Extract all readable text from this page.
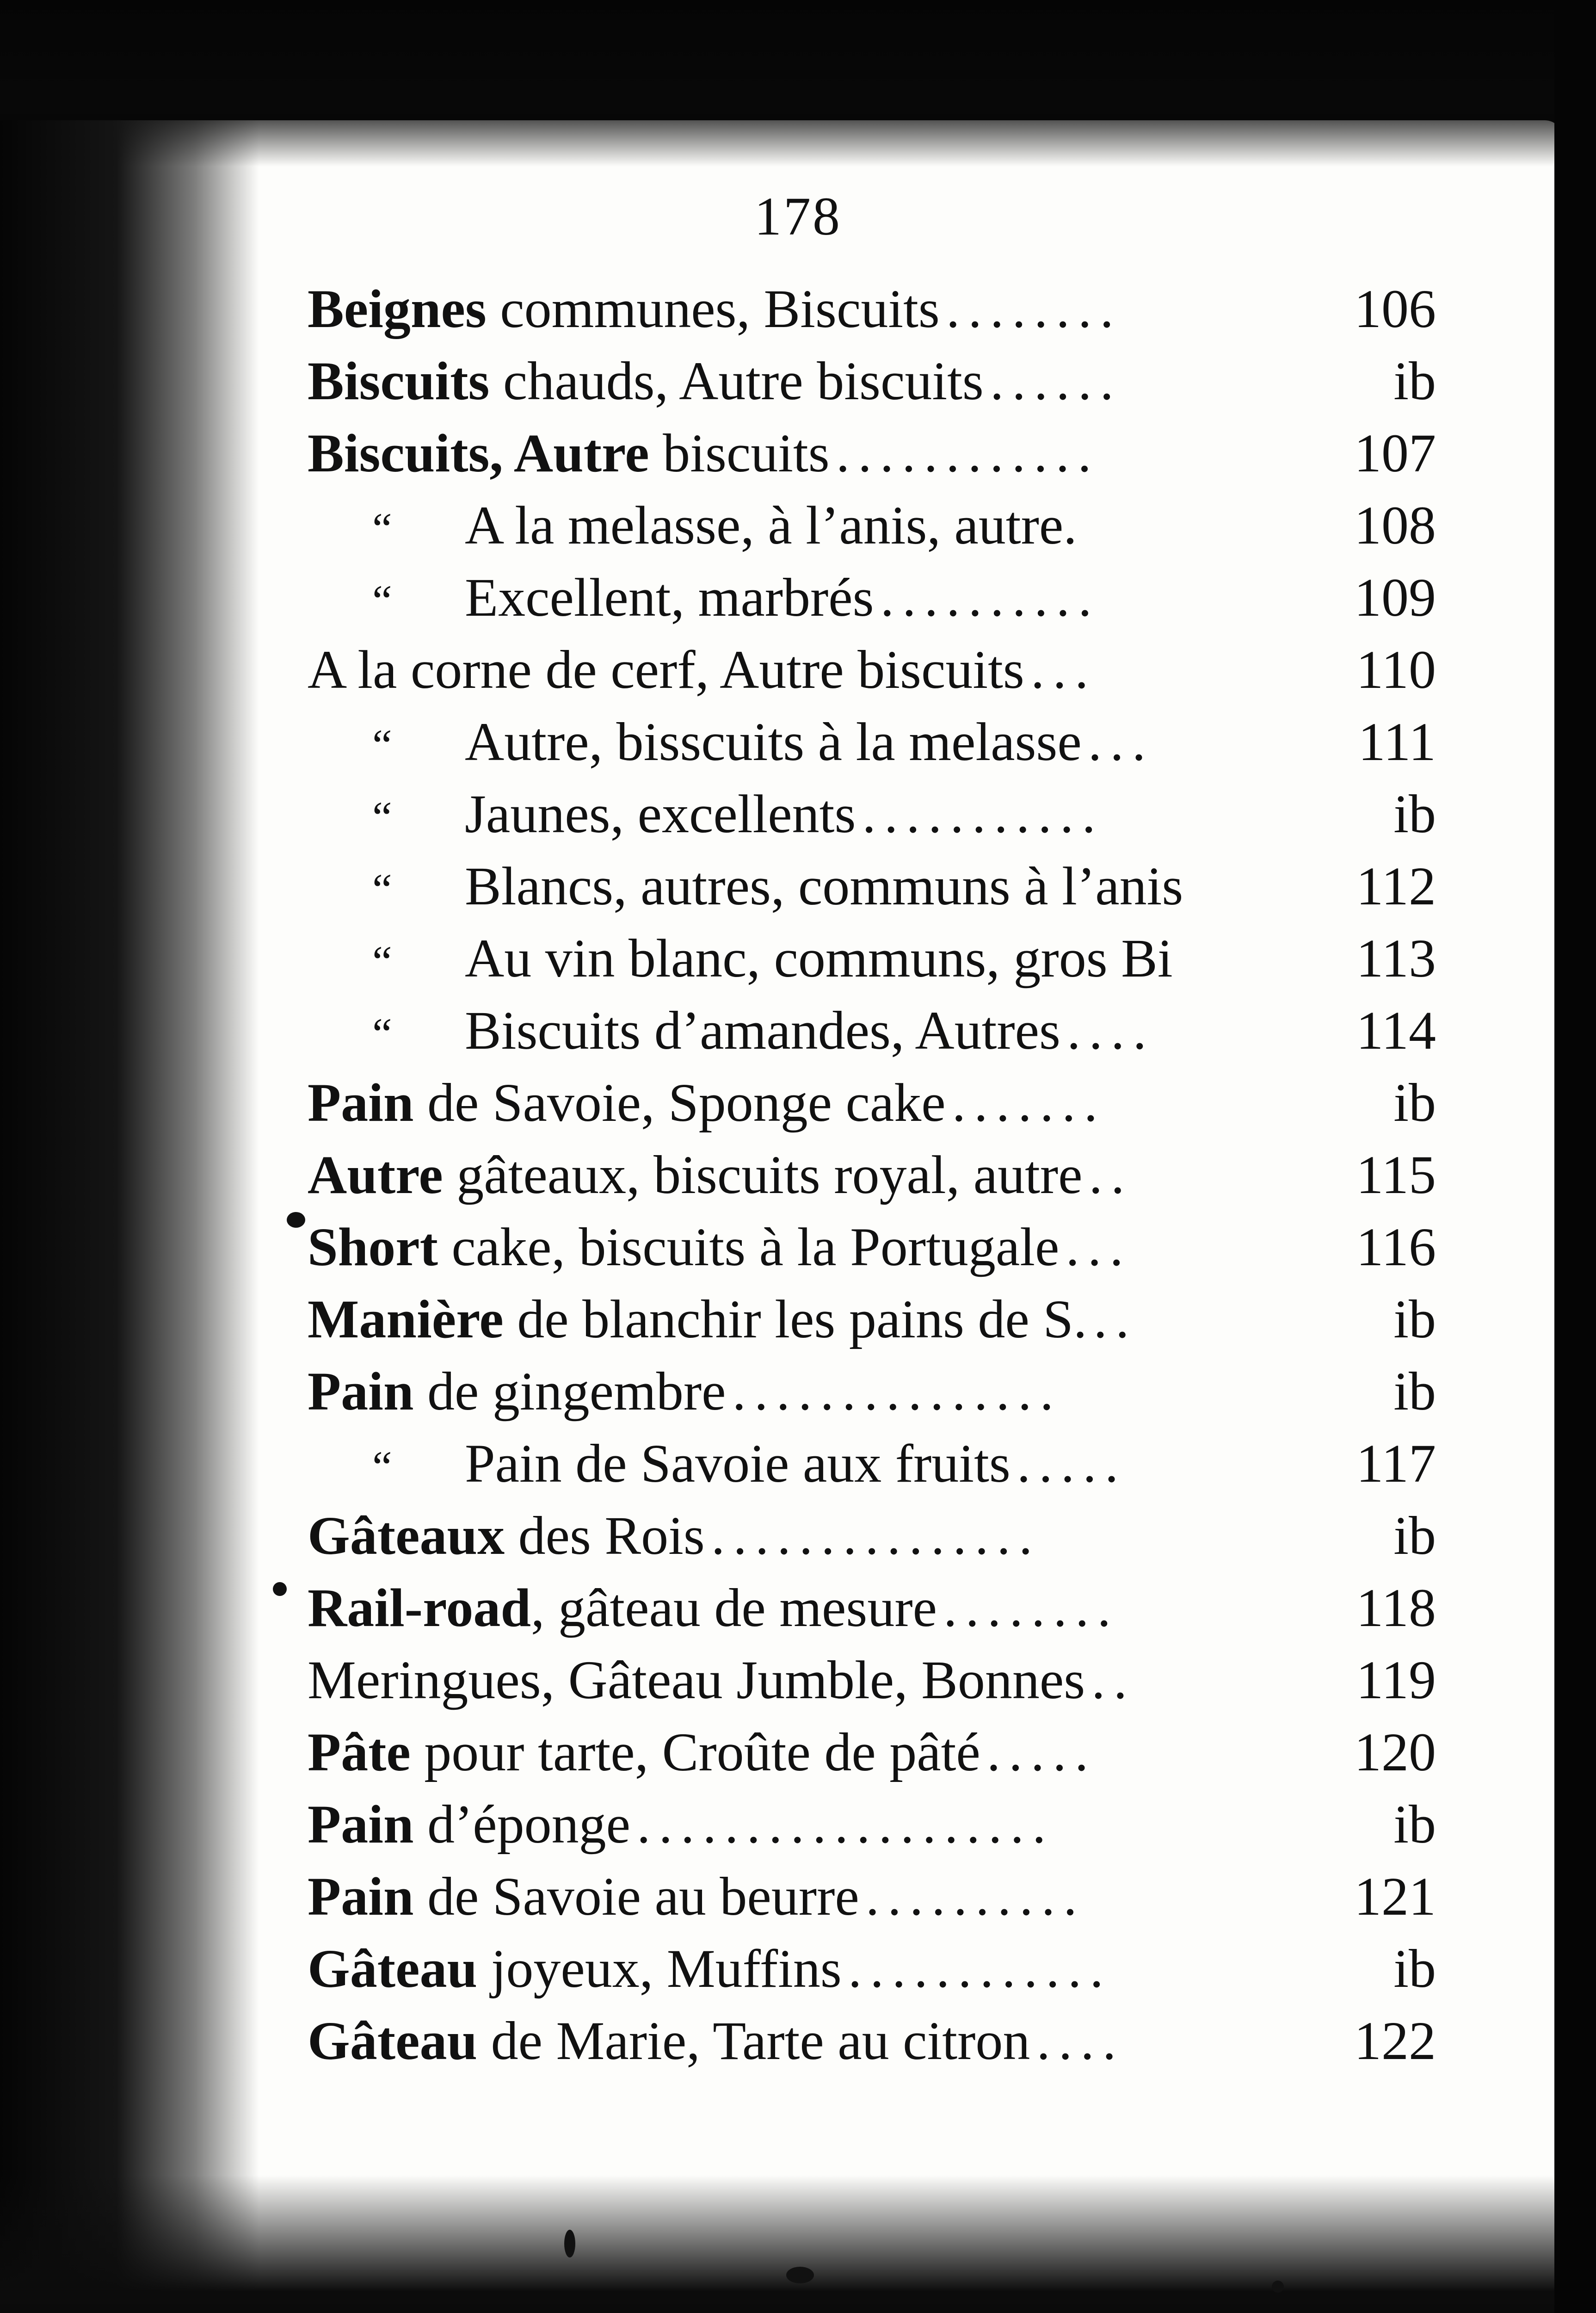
178
Beignes communes, Biscuits ........	106
Biscuits chauds, Autre biscuits ......	ib
Biscuits, Autre biscuits ............	107
“	A la melasse, à l’anis, autre.	108
“	Excellent, marbrés ..........	109
A la corne de cerf, Autre biscuits ...	110
“	Autre, bisscuits à la melasse ...	111
“	Jaunes, excellents ...........	ib
“	Blancs, autres, communs à l’anis	112
“	Au vin blanc, communs, gros Bi	113
“	Biscuits d’amandes, Autres ....	114
Pain de Savoie, Sponge cake .......	ib
Autre gâteaux, biscuits royal, autre ..	115
Short cake, biscuits à la Portugale ...	116
Manière de blanchir les pains de S. ..	ib
Pain de gingembre ...............	ib
“	Pain de Savoie aux fruits .....	117
Gâteaux des Rois ...............	ib
Rail-road, gâteau de mesure ........	118
Meringues, Gâteau Jumble, Bonnes ..	119
Pâte pour tarte, Croûte de pâté .....	120
Pain d’éponge ...................	ib
Pain de Savoie au beurre ..........	121
Gâteau joyeux, Muffins ............	ib
Gâteau de Marie, Tarte au citron ....	122
